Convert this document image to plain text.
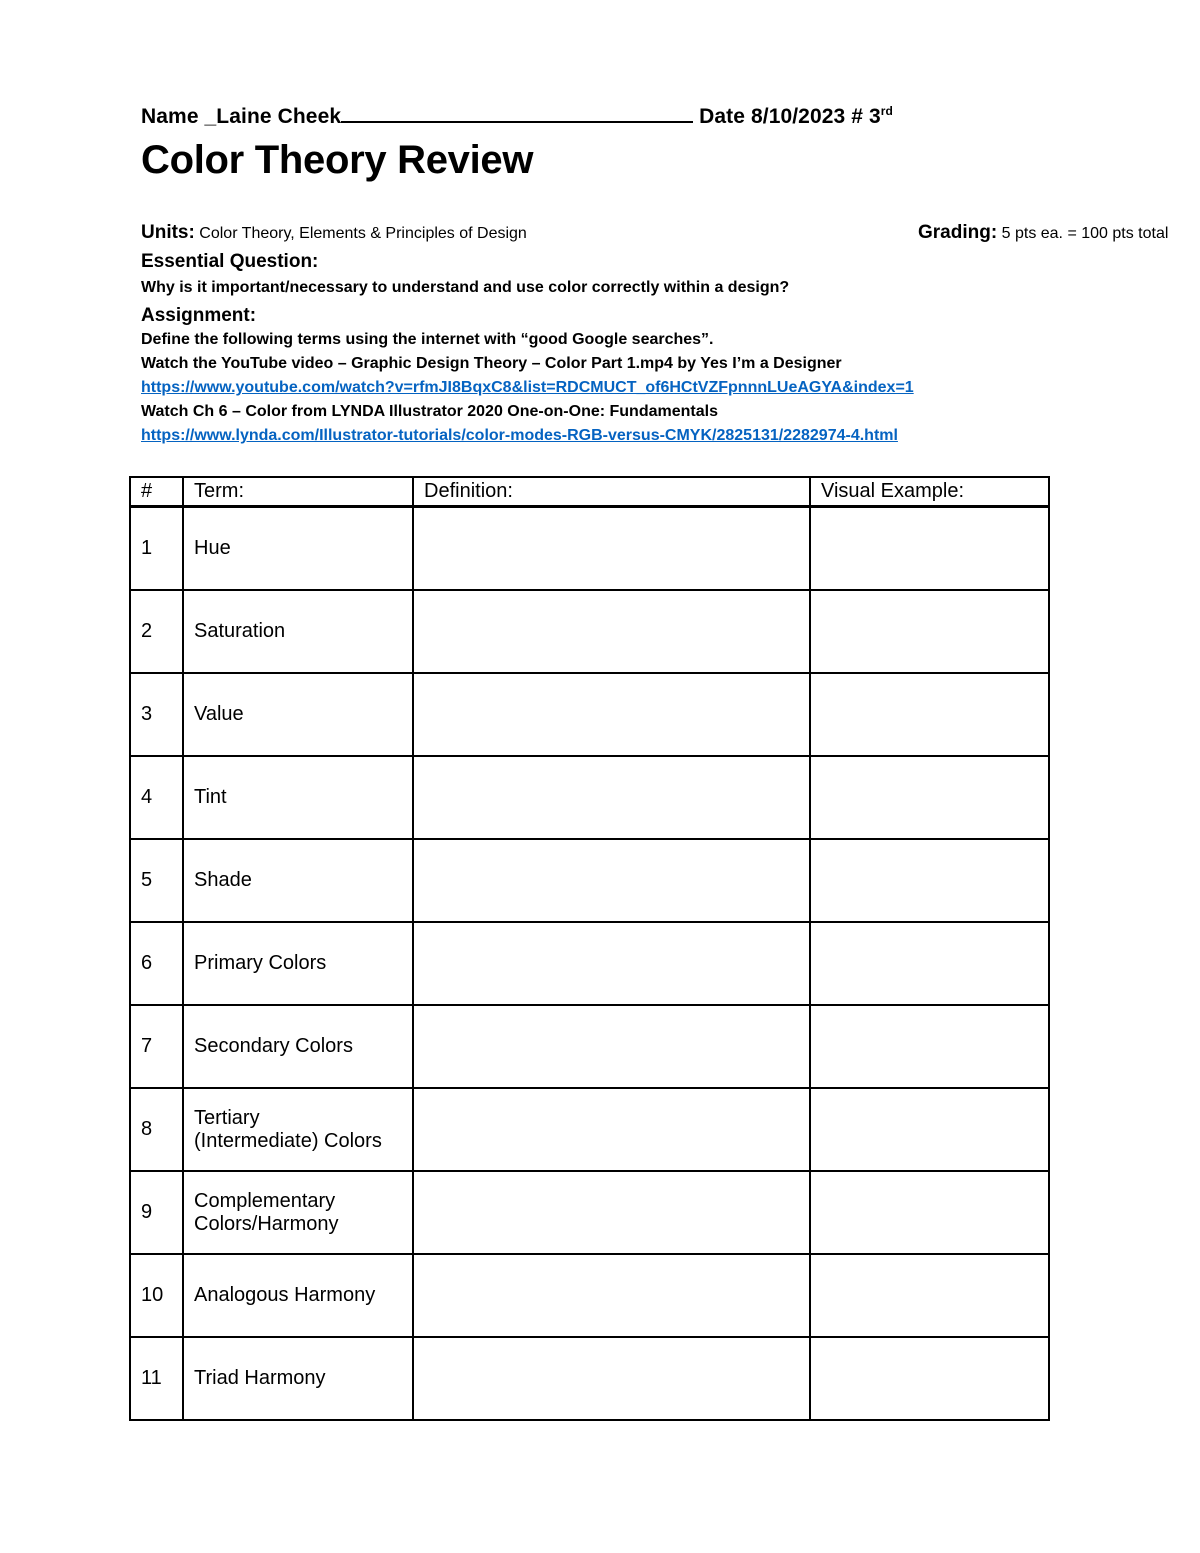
Name _Laine Cheek	Date 8/10/2023 # 3rd
Color Theory Review
Units: Color Theory, Elements & Principles of Design	Grading: 5 pts ea. = 100 pts total
Essential Question:
Why is it important/necessary to understand and use color correctly within a design?
Assignment:
Define the following terms using the internet with “good Google searches”.
Watch the YouTube video – Graphic Design Theory – Color Part 1.mp4 by Yes I’m a Designer
https://www.youtube.com/watch?v=rfmJI8BqxC8&list=RDCMUCT_of6HCtVZFpnnnLUeAGYA&index=1
Watch Ch 6 – Color from LYNDA Illustrator 2020 One-on-One: Fundamentals
https://www.lynda.com/Illustrator-tutorials/color-modes-RGB-versus-CMYK/2825131/2282974-4.html
#	Term:	Definition:	Visual Example:
1	Hue		

2	Saturation		

3	Value		

4	Tint		

5	Shade		

6	Primary Colors		

7	Secondary Colors		

8	Tertiary
(Intermediate) Colors		

9	Complementary
Colors/Harmony		

10	Analogous Harmony		

11	Triad Harmony		
